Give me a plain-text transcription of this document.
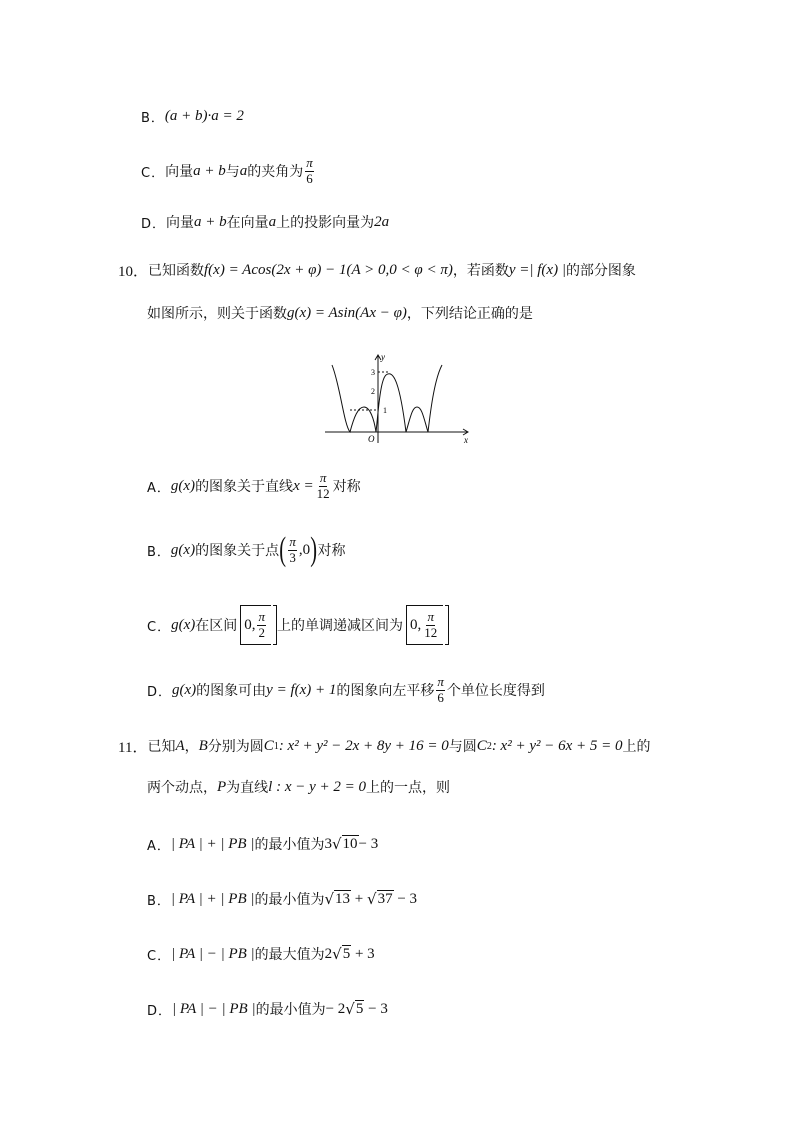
B． (a + b)·a = 2
C． 向量 a + b 与 a 的夹角为 $\frac{\pi}{6}$
D． 向量 a + b 在向量 a 上的投影向量为 2a
10． 已知函数 f(x) = Acos(2x + φ) − 1(A > 0,0 < φ < π) ，若函数 y =| f(x) | 的部分图象
如图所示，则关于函数 g(x) = Asin(Ax − φ) ，下列结论正确的是
y
x
O
3
2
1
A． g(x) 的图象关于直线 $x = \frac{\pi}{12}$ 对称
B． g(x) 的图象关于点 ( $\frac{\pi}{3} ,0$ ) 对称
C． g(x) 在区间 0, $\frac{\pi}{2}$ 上的单调递减区间为 0, $\frac{\pi}{12}$
D． g(x) 的图象可由 y = f(x) + 1 的图象向左平移 $\frac{\pi}{6}$ 个单位长度得到
11． 已知 A ， B 分别为圆 C 1 : x² + y² − 2x + 8y + 16 = 0 与圆 C 2 : x² + y² − 6x + 5 = 0 上的
两个动点， P 为直线 l : x − y + 2 = 0 上的一点，则
A． | PA | + | PB | 的最小值为 3 √ 10 − 3
B． | PA | + | PB | 的最小值为 √ 13 + √ 37 − 3
C． | PA | − | PB | 的最大值为 2 √ 5 + 3
D． | PA | − | PB | 的最小值为 − 2 √ 5 − 3
